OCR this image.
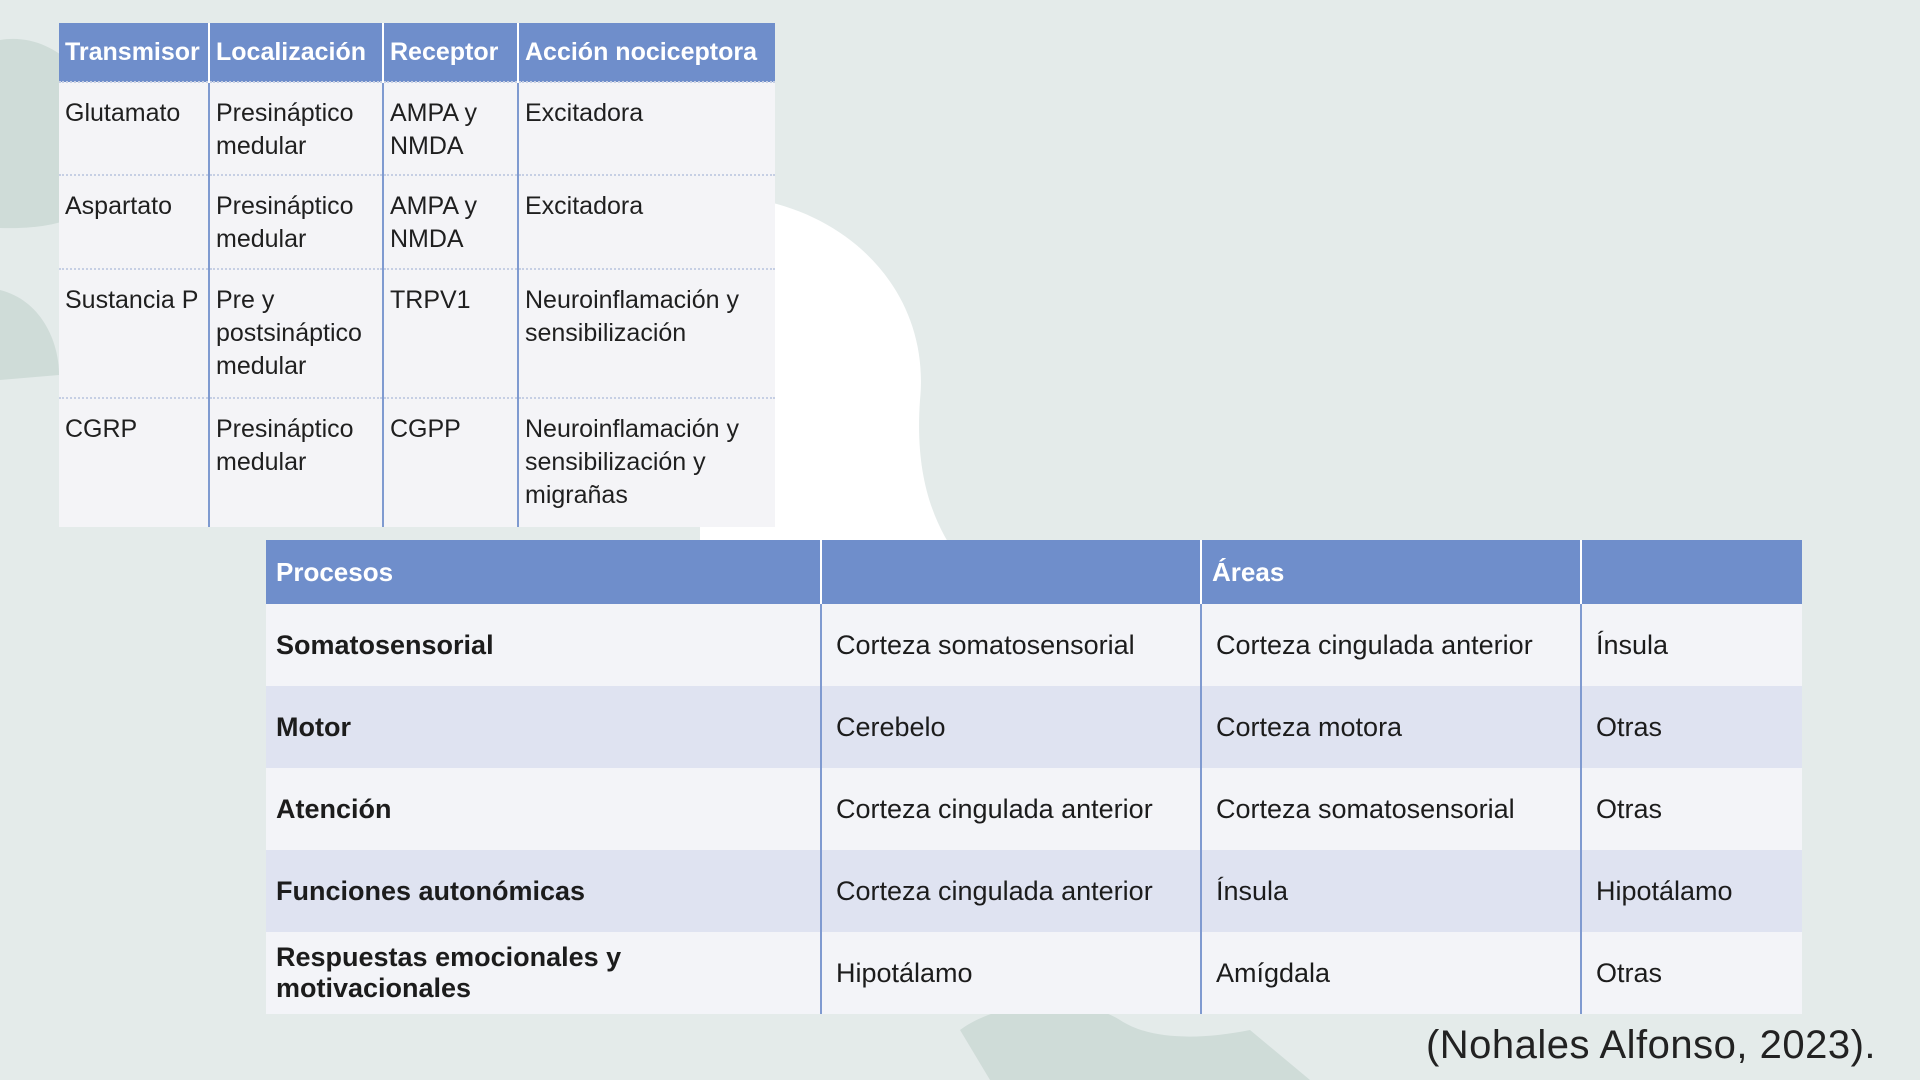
Transmisor	Localización	Receptor	Acción nociceptora
Glutamato	Presináptico medular	AMPA y NMDA	Excitadora
Aspartato	Presináptico medular	AMPA y NMDA	Excitadora
Sustancia P	Pre y postsináptico medular	TRPV1	Neuroinflamación y sensibilización
CGRP	Presináptico medular	CGPP	Neuroinflamación y sensibilización y migrañas
Procesos		Áreas	
Somatosensorial	Corteza somatosensorial	Corteza cingulada anterior	Ínsula
Motor	Cerebelo	Corteza motora	Otras
Atención	Corteza cingulada anterior	Corteza somatosensorial	Otras
Funciones autonómicas	Corteza cingulada anterior	Ínsula	Hipotálamo
Respuestas emocionales y motivacionales	Hipotálamo	Amígdala	Otras
(Nohales Alfonso, 2023).
